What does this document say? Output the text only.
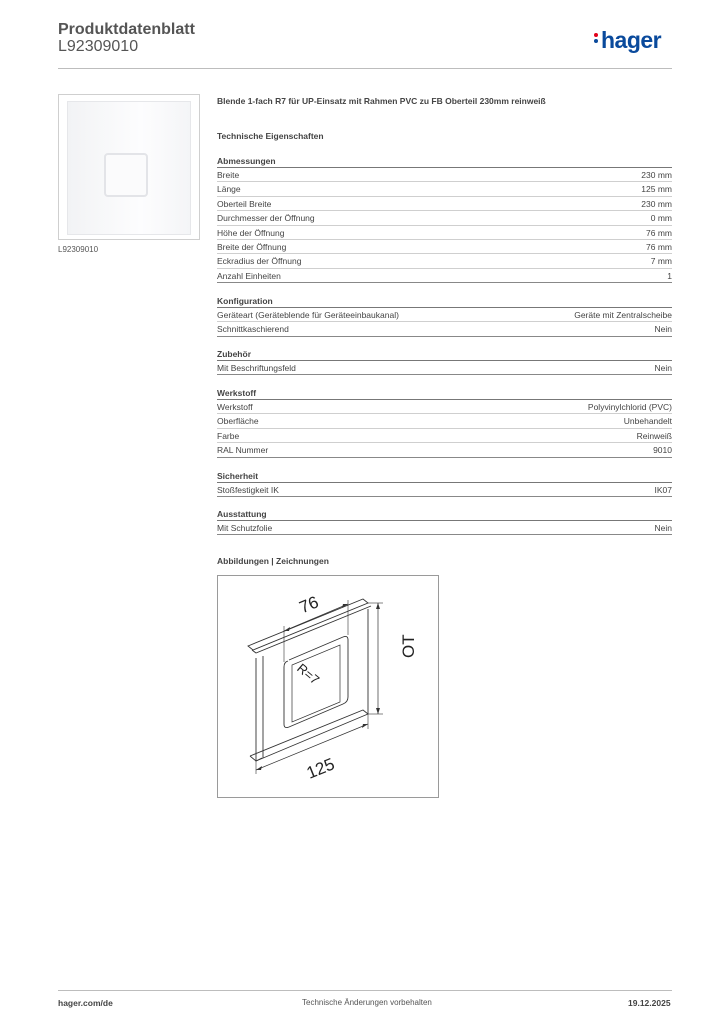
Produktdatenblatt
L92309010	hager
L92309010
Blende 1-fach R7 für UP-Einsatz mit Rahmen PVC zu FB Oberteil 230mm reinweiß
Technische Eigenschaften
Abmessungen
Breite	230 mm
Länge	125 mm
Oberteil Breite	230 mm
Durchmesser der Öffnung	0 mm
Höhe der Öffnung	76 mm
Breite der Öffnung	76 mm
Eckradius der Öffnung	7 mm
Anzahl Einheiten	1
Konfiguration
Geräteart (Geräteblende für Geräteeinbaukanal)	Geräte mit Zentralscheibe
Schnittkaschierend	Nein
Zubehör
Mit Beschriftungsfeld	Nein
Werkstoff
Werkstoff	Polyvinylchlorid (PVC)
Oberfläche	Unbehandelt
Farbe	Reinweiß
RAL Nummer	9010
Sicherheit
Stoßfestigkeit IK	IK07
Ausstattung
Mit Schutzfolie	Nein
Abbildungen | Zeichnungen
76
R=7
OT
125
hager.com/de	Technische Änderungen vorbehalten	19.12.2025
